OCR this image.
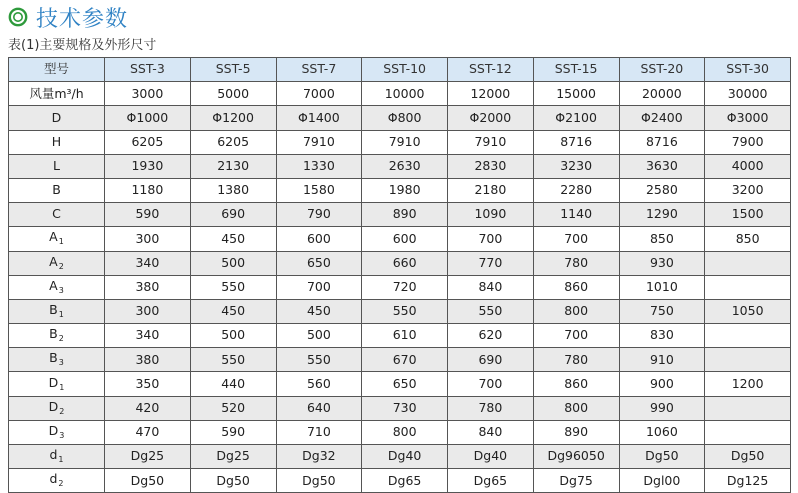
技术参数
表(1)主要规格及外形尺寸
型号	SST-3	SST-5	SST-7	SST-10	SST-12	SST-15	SST-20	SST-30
风量m³/h	3000	5000	7000	10000	12000	15000	20000	30000
D	Φ1000	Φ1200	Φ1400	Φ800	Φ2000	Φ2100	Φ2400	Φ3000
H	6205	6205	7910	7910	7910	8716	8716	7900
L	1930	2130	1330	2630	2830	3230	3630	4000
B	1180	1380	1580	1980	2180	2280	2580	3200
C	590	690	790	890	1090	1140	1290	1500
$A_1$	300	450	600	600	700	700	850	850
$A_2$	340	500	650	660	770	780	930	
$A_3$	380	550	700	720	840	860	1010	
$B_1$	300	450	450	550	550	800	750	1050
$B_2$	340	500	500	610	620	700	830	
$B_3$	380	550	550	670	690	780	910	
$D_1$	350	440	560	650	700	860	900	1200
$D_2$	420	520	640	730	780	800	990	
$D_3$	470	590	710	800	840	890	1060	
$d_1$	Dg25	Dg25	Dg32	Dg40	Dg40	Dg96050	Dg50	Dg50
$d_2$	Dg50	Dg50	Dg50	Dg65	Dg65	Dg75	Dgl00	Dg125
